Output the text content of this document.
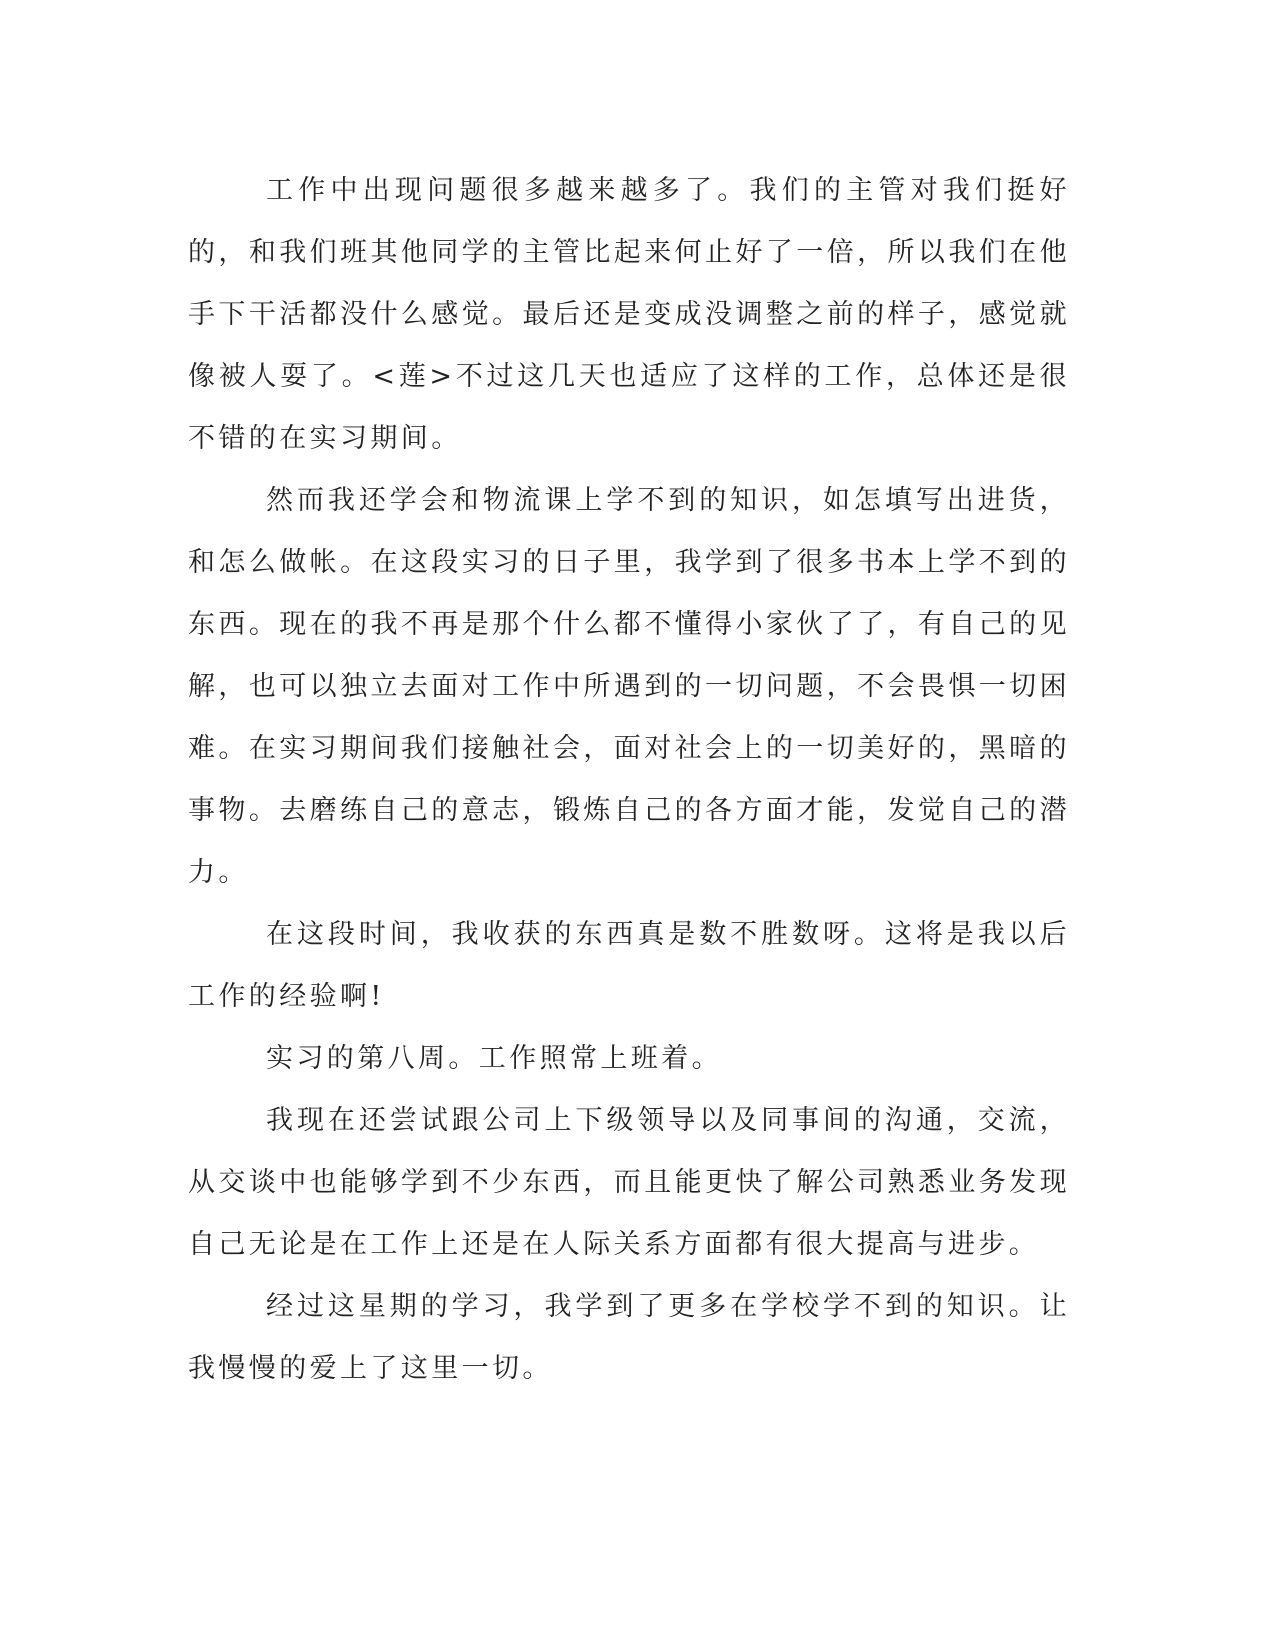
工作中出现问题很多越来越多了。我们的主管对我们挺好的，和我们班其他同学的主管比起来何止好了一倍，所以我们在他手下干活都没什么感觉。最后还是变成没调整之前的样子，感觉就像被人耍了。<莲>不过这几天也适应了这样的工作，总体还是很不错的在实习期间。

然而我还学会和物流课上学不到的知识，如怎填写出进货，和怎么做帐。在这段实习的日子里，我学到了很多书本上学不到的东西。现在的我不再是那个什么都不懂得小家伙了了，有自己的见解，也可以独立去面对工作中所遇到的一切问题，不会畏惧一切困难。在实习期间我们接触社会，面对社会上的一切美好的，黑暗的事物。去磨练自己的意志，锻炼自己的各方面才能，发觉自己的潜力。

在这段时间，我收获的东西真是数不胜数呀。这将是我以后工作的经验啊!

实习的第八周。工作照常上班着。

我现在还尝试跟公司上下级领导以及同事间的沟通，交流，从交谈中也能够学到不少东西，而且能更快了解公司熟悉业务发现自己无论是在工作上还是在人际关系方面都有很大提高与进步。

经过这星期的学习，我学到了更多在学校学不到的知识。让我慢慢的爱上了这里一切。
